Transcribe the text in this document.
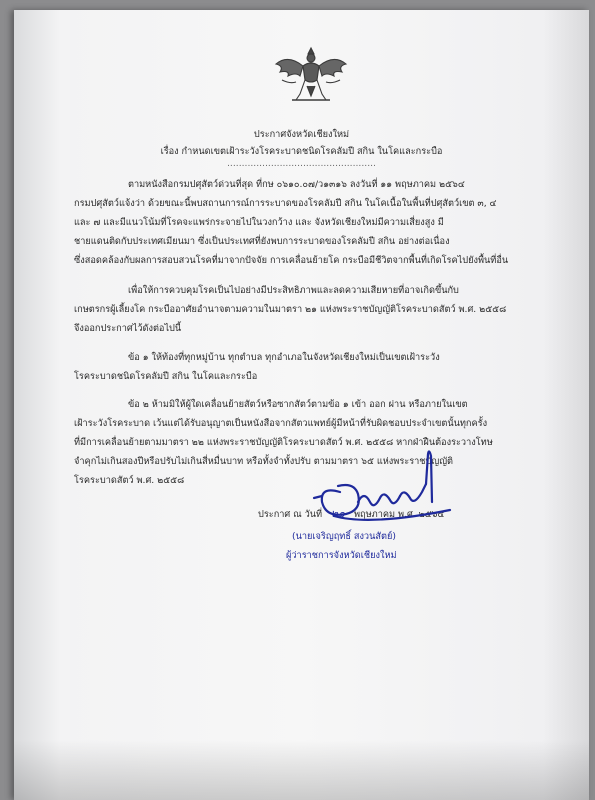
ประกาศจังหวัดเชียงใหม่
เรื่อง กำหนดเขตเฝ้าระวังโรคระบาดชนิดโรคลัมปี สกิน ในโคและกระบือ
...................................................
ตามหนังสือกรมปศุสัตว์ด่วนที่สุด ที่กษ ๐๖๑๐.๐๗/ว๑๓๑๖ ลงวันที่ ๑๑ พฤษภาคม ๒๕๖๔
กรมปศุสัตว์แจ้งว่า ด้วยขณะนี้พบสถานการณ์การระบาดของโรคลัมปี สกิน ในโคเนื้อในพื้นที่ปศุสัตว์เขต ๓, ๔
และ ๗ และมีแนวโน้มที่โรคจะแพร่กระจายไปในวงกว้าง และ จังหวัดเชียงใหม่มีความเสี่ยงสูง มี
ชายแดนติดกับประเทศเมียนมา ซึ่งเป็นประเทศที่ยังพบการระบาดของโรคลัมปี สกิน อย่างต่อเนื่อง
ซึ่งสอดคล้องกับผลการสอบสวนโรคที่มาจากปัจจัย การเคลื่อนย้ายโค กระบือมีชีวิตจากพื้นที่เกิดโรคไปยังพื้นที่อื่น
เพื่อให้การควบคุมโรคเป็นไปอย่างมีประสิทธิภาพและลดความเสียหายที่อาจเกิดขึ้นกับ
เกษตรกรผู้เลี้ยงโค กระบืออาศัยอำนาจตามความในมาตรา ๒๑ แห่งพระราชบัญญัติโรคระบาดสัตว์ พ.ศ. ๒๕๕๘
จึงออกประกาศไว้ดังต่อไปนี้
ข้อ ๑ ให้ท้องที่ทุกหมู่บ้าน ทุกตำบล ทุกอำเภอในจังหวัดเชียงใหม่เป็นเขตเฝ้าระวัง
โรคระบาดชนิดโรคลัมปี สกิน ในโคและกระบือ
ข้อ ๒ ห้ามมิให้ผู้ใดเคลื่อนย้ายสัตว์หรือซากสัตว์ตามข้อ ๑ เข้า ออก ผ่าน หรือภายในเขต
เฝ้าระวังโรคระบาด เว้นแต่ได้รับอนุญาตเป็นหนังสือจากสัตวแพทย์ผู้มีหน้าที่รับผิดชอบประจำเขตนั้นทุกครั้ง
ที่มีการเคลื่อนย้ายตามมาตรา ๒๒ แห่งพระราชบัญญัติโรคระบาดสัตว์ พ.ศ. ๒๕๕๘ หากฝ่าฝืนต้องระวางโทษ
จำคุกไม่เกินสองปีหรือปรับไม่เกินสี่หมื่นบาท หรือทั้งจำทั้งปรับ ตามมาตรา ๖๕ แห่งพระราชบัญญัติ
โรคระบาดสัตว์ พ.ศ. ๒๕๕๘
ประกาศ ณ วันที่ ๒๑ พฤษภาคม พ.ศ. ๒๕๖๔
(นายเจริญฤทธิ์ สงวนสัตย์)
ผู้ว่าราชการจังหวัดเชียงใหม่
